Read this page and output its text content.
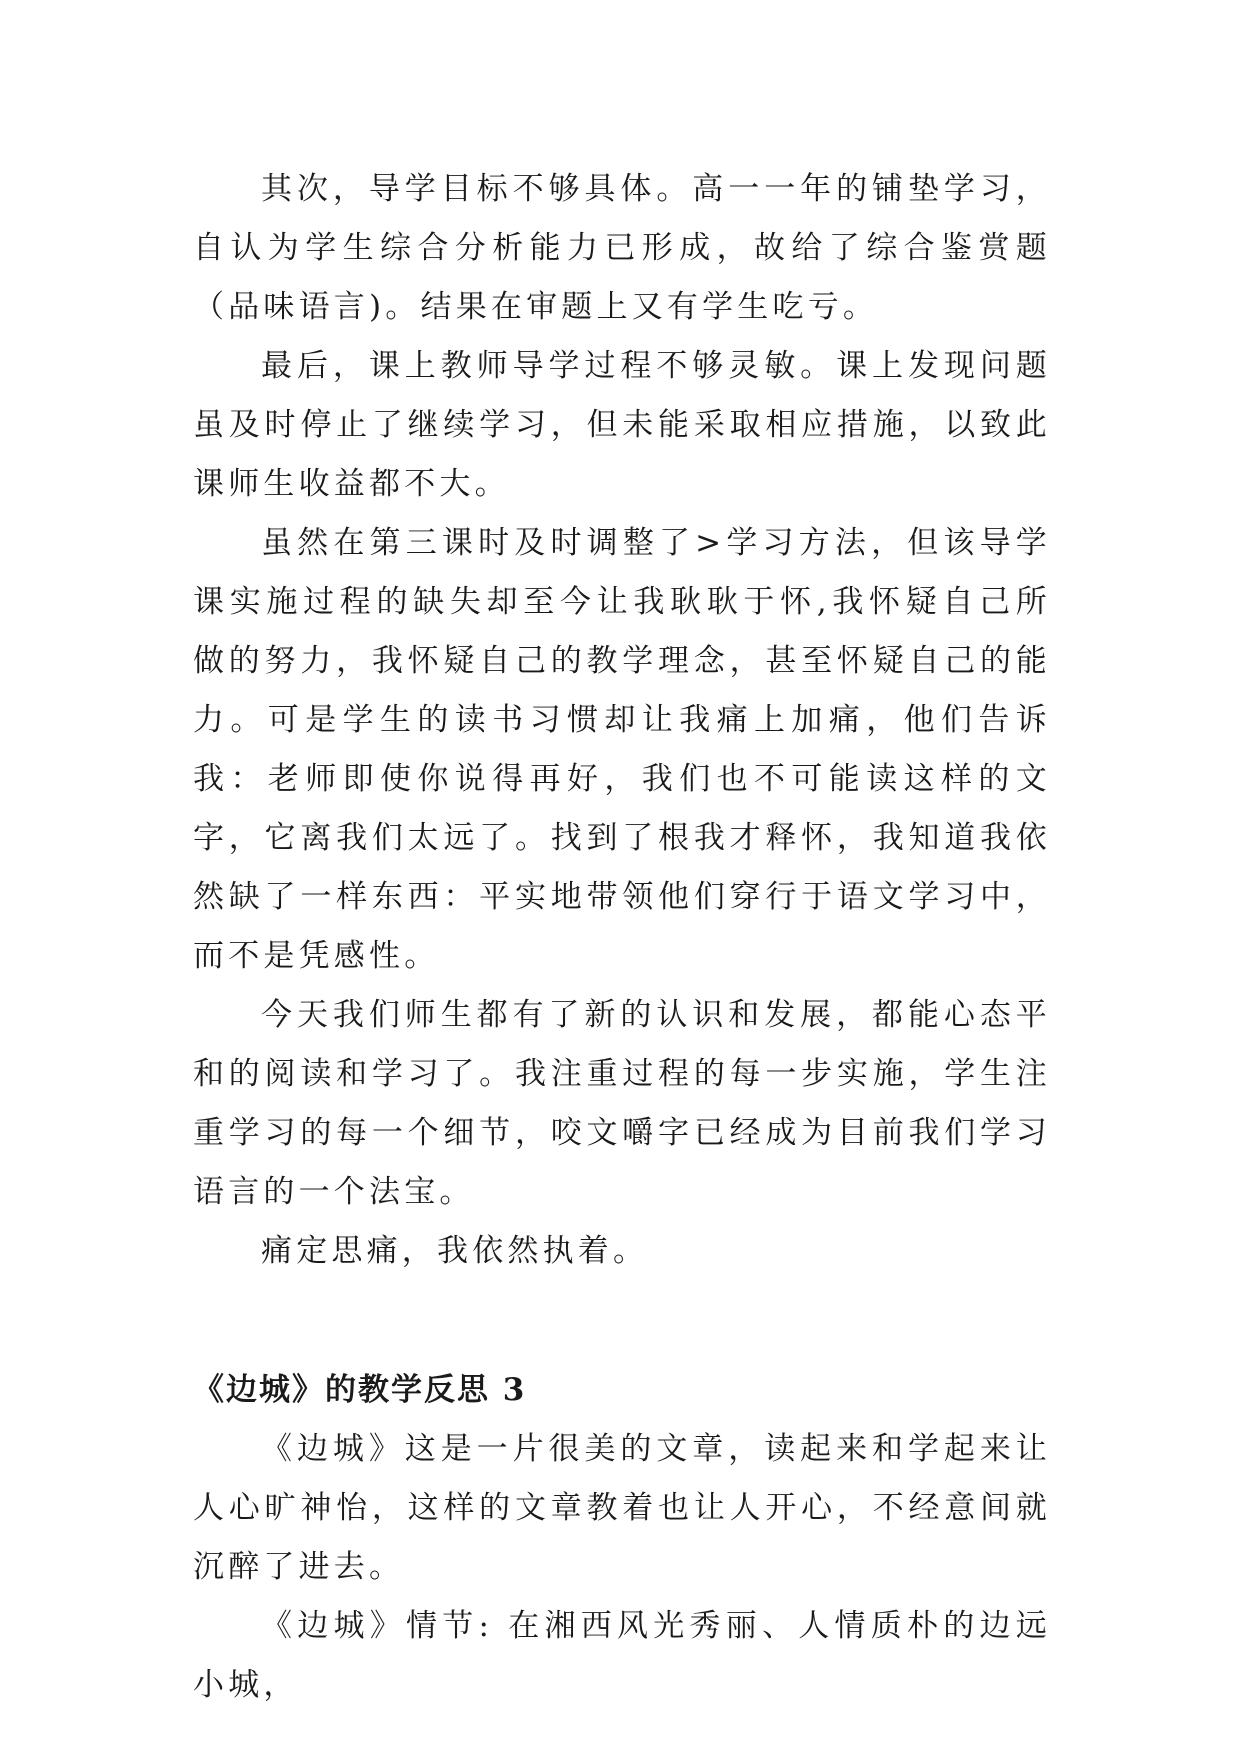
其次，导学目标不够具体。高一一年的铺垫学习，自认为学生综合分析能力已形成，故给了综合鉴赏题（品味语言)。结果在审题上又有学生吃亏。

最后，课上教师导学过程不够灵敏。课上发现问题虽及时停止了继续学习，但未能采取相应措施，以致此课师生收益都不大。

虽然在第三课时及时调整了>学习方法，但该导学课实施过程的缺失却至今让我耿耿于怀,我怀疑自己所做的努力，我怀疑自己的教学理念，甚至怀疑自己的能力。可是学生的读书习惯却让我痛上加痛，他们告诉我：老师即使你说得再好，我们也不可能读这样的文字，它离我们太远了。找到了根我才释怀，我知道我依然缺了一样东西：平实地带领他们穿行于语文学习中，而不是凭感性。

今天我们师生都有了新的认识和发展，都能心态平和的阅读和学习了。我注重过程的每一步实施，学生注重学习的每一个细节，咬文嚼字已经成为目前我们学习语言的一个法宝。

痛定思痛，我依然执着。

《边城》的教学反思 3

《边城》这是一片很美的文章，读起来和学起来让人心旷神怡，这样的文章教着也让人开心，不经意间就沉醉了进去。

《边城》情节: 在湘西风光秀丽、人情质朴的边远小城，
